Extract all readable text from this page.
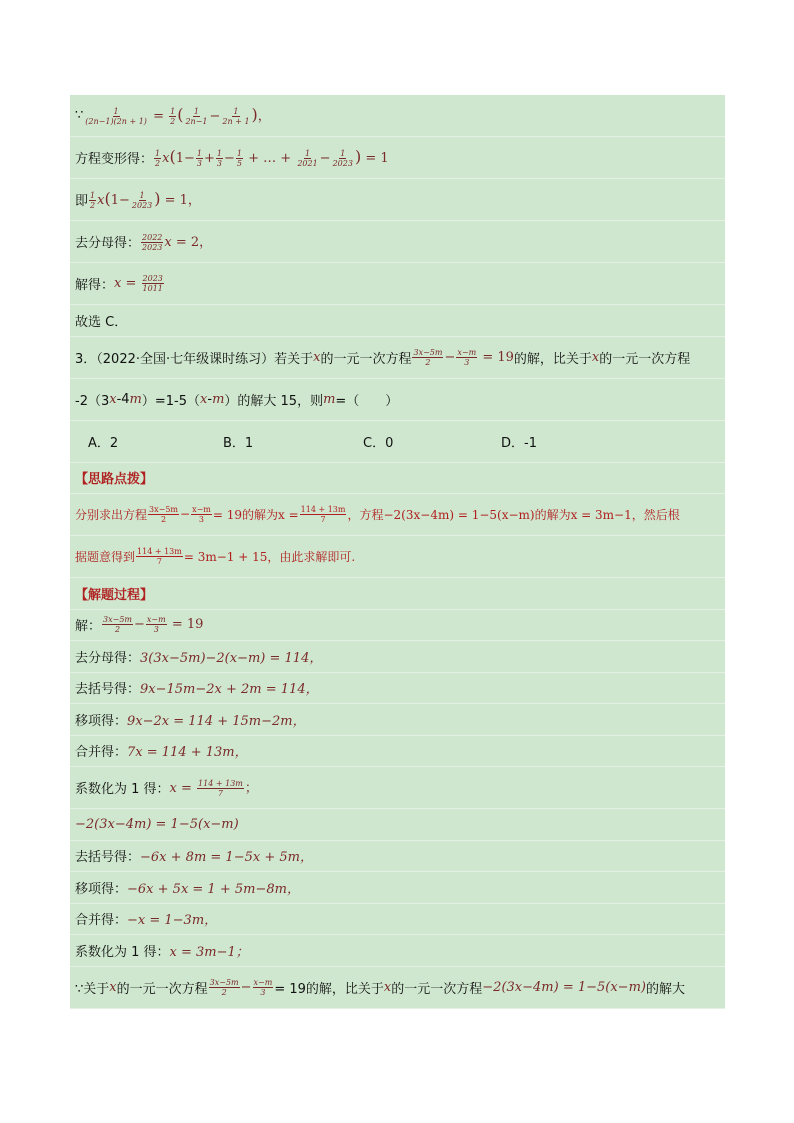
∵ $\frac{1}{(2n-1)(2n + 1)} = \frac{1}{2}$ ( $\frac{1}{2n-1} - \frac{1}{2n + 1}$ )，
方程变形得： $\frac{1}{2} x(1- \frac{1}{3} + \frac{1}{3} - \frac{1}{5}$ + … + $\frac{1}{2021} - \frac{1}{2023}$ ) = 1
即 $\frac{1}{2} x(1- \frac{1}{2023}$ ) = 1，
去分母得： $\frac{2022}{2023}$ x = 2，
解得： $x = \frac{2023}{1011}$
故选 C．
3．（2022·全国·七年级课时练习）若关于 x 的一元一次方程 $\frac{3x-5m}{2} - \frac{x-m}{3} = 19$ 的解，比关于 x 的一元一次方程
-2（3 x -4 m ）=1-5（ x - m ）的解大 15，则 m =（　　）
A．2	B．1	C．0	D．-1
【思路点拨】
分别求出方程 $\frac{3x-5m}{2} - \frac{x-m}{3} = 19$的解为 $x = \frac{114 + 13m}{7}$ ，方程−2(3x−4m) = 1−5(x−m)的解为x = 3m−1，然后根
据题意得到 $\frac{114 + 13m}{7} = 3m-1 + 15$，由此求解即可.
【解题过程】
解： $\frac{3x-5m}{2} - \frac{x-m}{3} = 19$
去分母得： 3(3x−5m)−2(x−m) = 114，
去括号得： 9x−15m−2x + 2m = 114，
移项得： 9x−2x = 114 + 15m−2m，
合并得： 7x = 114 + 13m，
系数化为 1 得： $x = \frac{114 + 13m}{7}$ ；
−2(3x−4m) = 1−5(x−m)
去括号得： −6x + 8m = 1−5x + 5m，
移项得： −6x + 5x = 1 + 5m−8m，
合并得： −x = 1−3m，
系数化为 1 得： x = 3m−1；
∵关于 x 的一元一次方程 $\frac{3x-5m}{2} - \frac{x-m}{3} = 19$的解，比关于 x 的一元一次方程 −2(3x−4m) = 1−5(x−m) 的解大
